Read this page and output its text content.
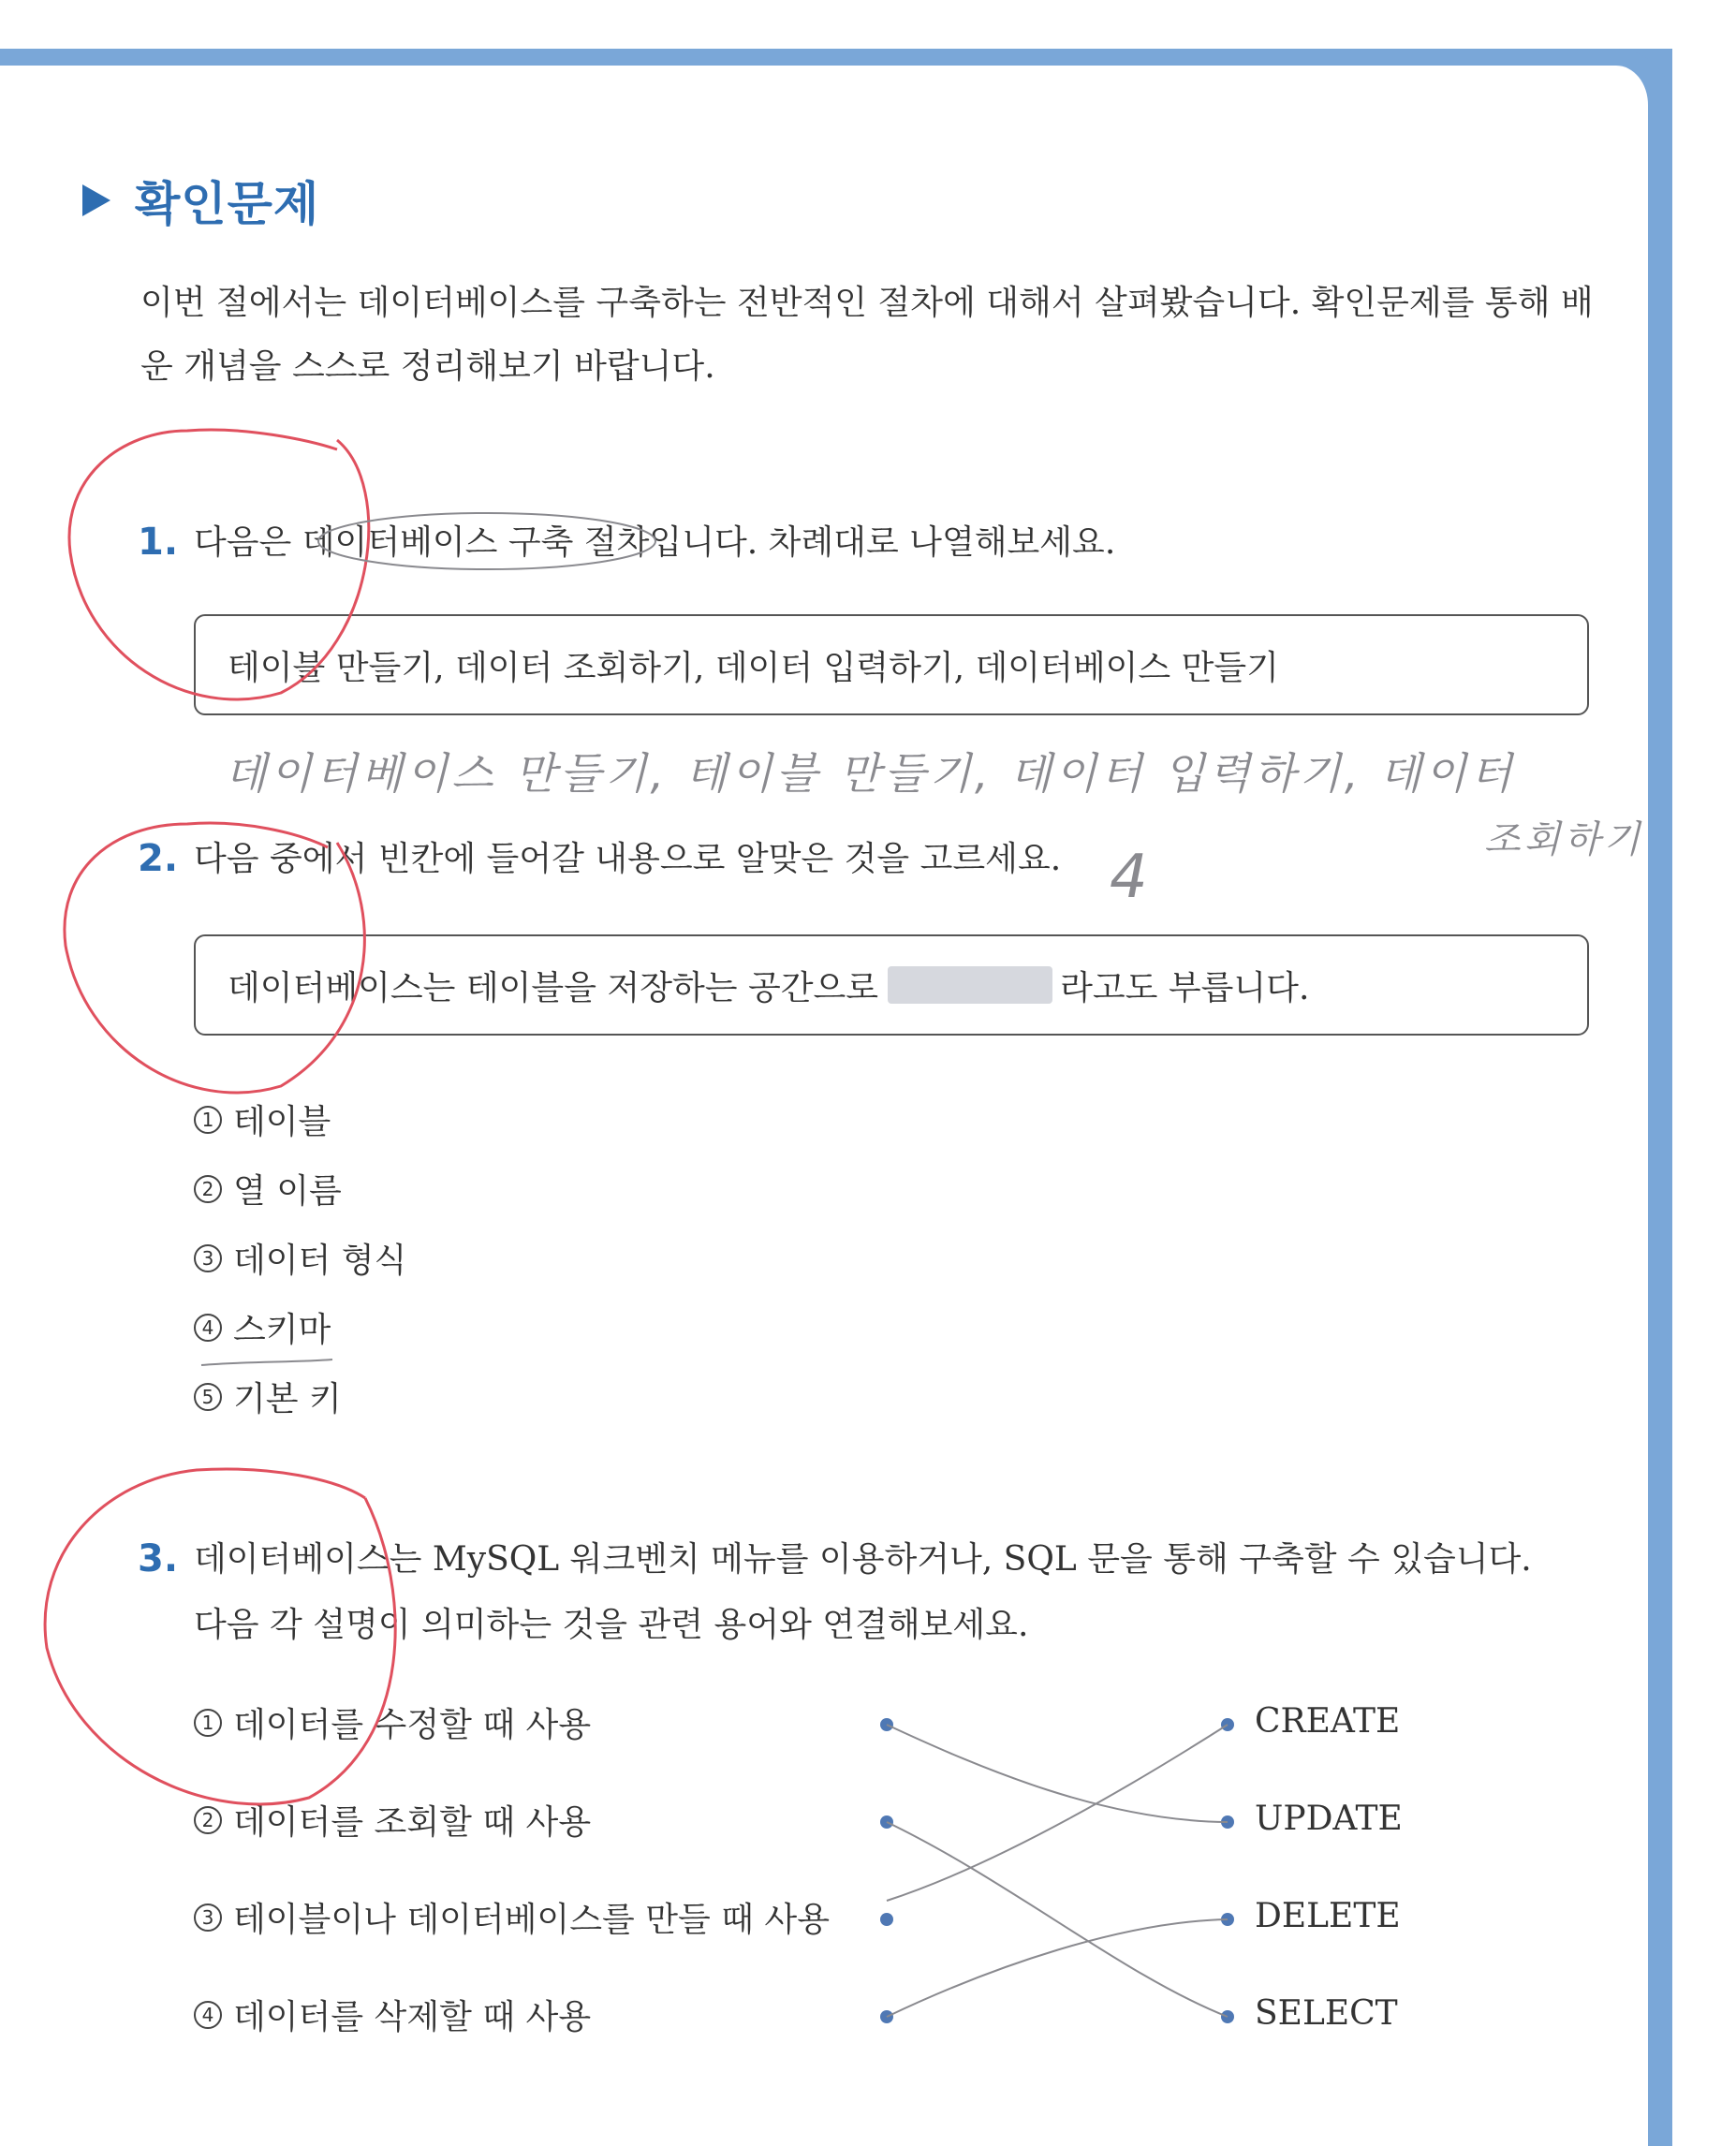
확인문제

이번 절에서는 데이터베이스를 구축하는 전반적인 절차에 대해서 살펴봤습니다. 확인문제를 통해 배운 개념을 스스로 정리해보기 바랍니다.

1. 다음은 데이터베이스 구축 절차입니다. 차례대로 나열해보세요.
테이블 만들기, 데이터 조회하기, 데이터 입력하기, 데이터베이스 만들기
데이터베이스 만들기, 테이블 만들기, 데이터 입력하기, 데이터
조회하기
2. 다음 중에서 빈칸에 들어갈 내용으로 알맞은 것을 고르세요. 4
데이터베이스는 테이블을 저장하는 공간으로	라고도 부릅니다.
1 테이블
2 열 이름
3 데이터 형식
4 스키마
5 기본 키
3. 데이터베이스는 MySQL 워크벤치 메뉴를 이용하거나, SQL 문을 통해 구축할 수 있습니다.
다음 각 설명이 의미하는 것을 관련 용어와 연결해보세요.
1 데이터를 수정할 때 사용
2 데이터를 조회할 때 사용
3 테이블이나 데이터베이스를 만들 때 사용
4 데이터를 삭제할 때 사용
CREATE
UPDATE
DELETE
SELECT
